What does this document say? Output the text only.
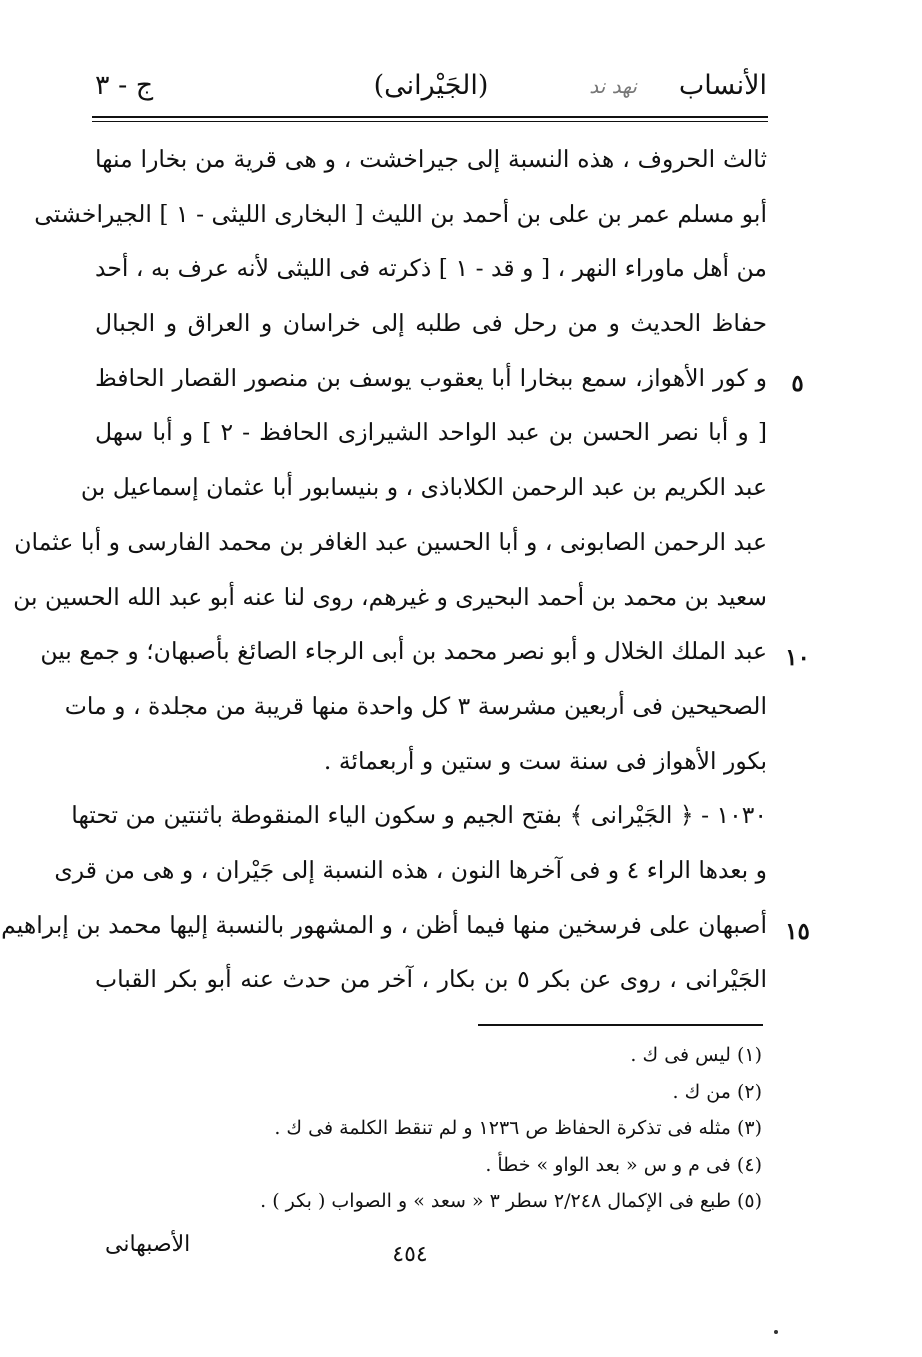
الأنساب
نهد ند
(الجَيْرانى)
ج - ٣
ثالث الحروف ، هذه النسبة إلى جيراخشت ، و هى قرية من بخارا منها
أبو مسلم عمر بن على بن أحمد بن الليث [ البخارى الليثى - ١ ] الجيراخشتى
من أهل ماوراء النهر ، [ و قد - ١ ] ذكرته فى الليثى لأنه عرف به ، أحد
حفاظ الحديث و من رحل فى طلبه إلى خراسان و العراق و الجبال
و كور الأهواز، سمع ببخارا أبا يعقوب يوسف بن منصور القصار الحافظ
[ و أبا نصر الحسن بن عبد الواحد الشيرازى الحافظ - ٢ ] و أبا سهل
عبد الكريم بن عبد الرحمن الكلاباذى ، و بنيسابور أبا عثمان إسماعيل بن
عبد الرحمن الصابونى ، و أبا الحسين عبد الغافر بن محمد الفارسى و أبا عثمان
سعيد بن محمد بن أحمد البحيرى و غيرهم، روى لنا عنه أبو عبد الله الحسين بن
عبد الملك الخلال و أبو نصر محمد بن أبى الرجاء الصائغ بأصبهان؛ و جمع بين
الصحيحين فى أربعين مشرسة ٣ كل واحدة منها قريبة من مجلدة ، و مات
بكور الأهواز فى سنة ست و ستين و أربعمائة .
١٠٣٠ - ﴿ الجَيْرانى ﴾ بفتح الجيم و سكون الياء المنقوطة باثنتين من تحتها
و بعدها الراء ٤ و فى آخرها النون ، هذه النسبة إلى جَيْران ، و هى من قرى
أصبهان على فرسخين منها فيما أظن ، و المشهور بالنسبة إليها محمد بن إبراهيم
الجَيْرانى ، روى عن بكر ٥ بن بكار ، آخر من حدث عنه أبو بكر القباب
٥
١٠
١٥
(١) ليس فى ك .
(٢) من ك .
(٣) مثله فى تذكرة الحفاظ ص ١٢٣٦ و لم تنقط الكلمة فى ك .
(٤) فى م و س « بعد الواو » خطأ .
(٥) طبع فى الإكمال ٢/٢٤٨ سطر ٣ « سعد » و الصواب ( بكر ) .
الأصبهانى	٤٥٤
